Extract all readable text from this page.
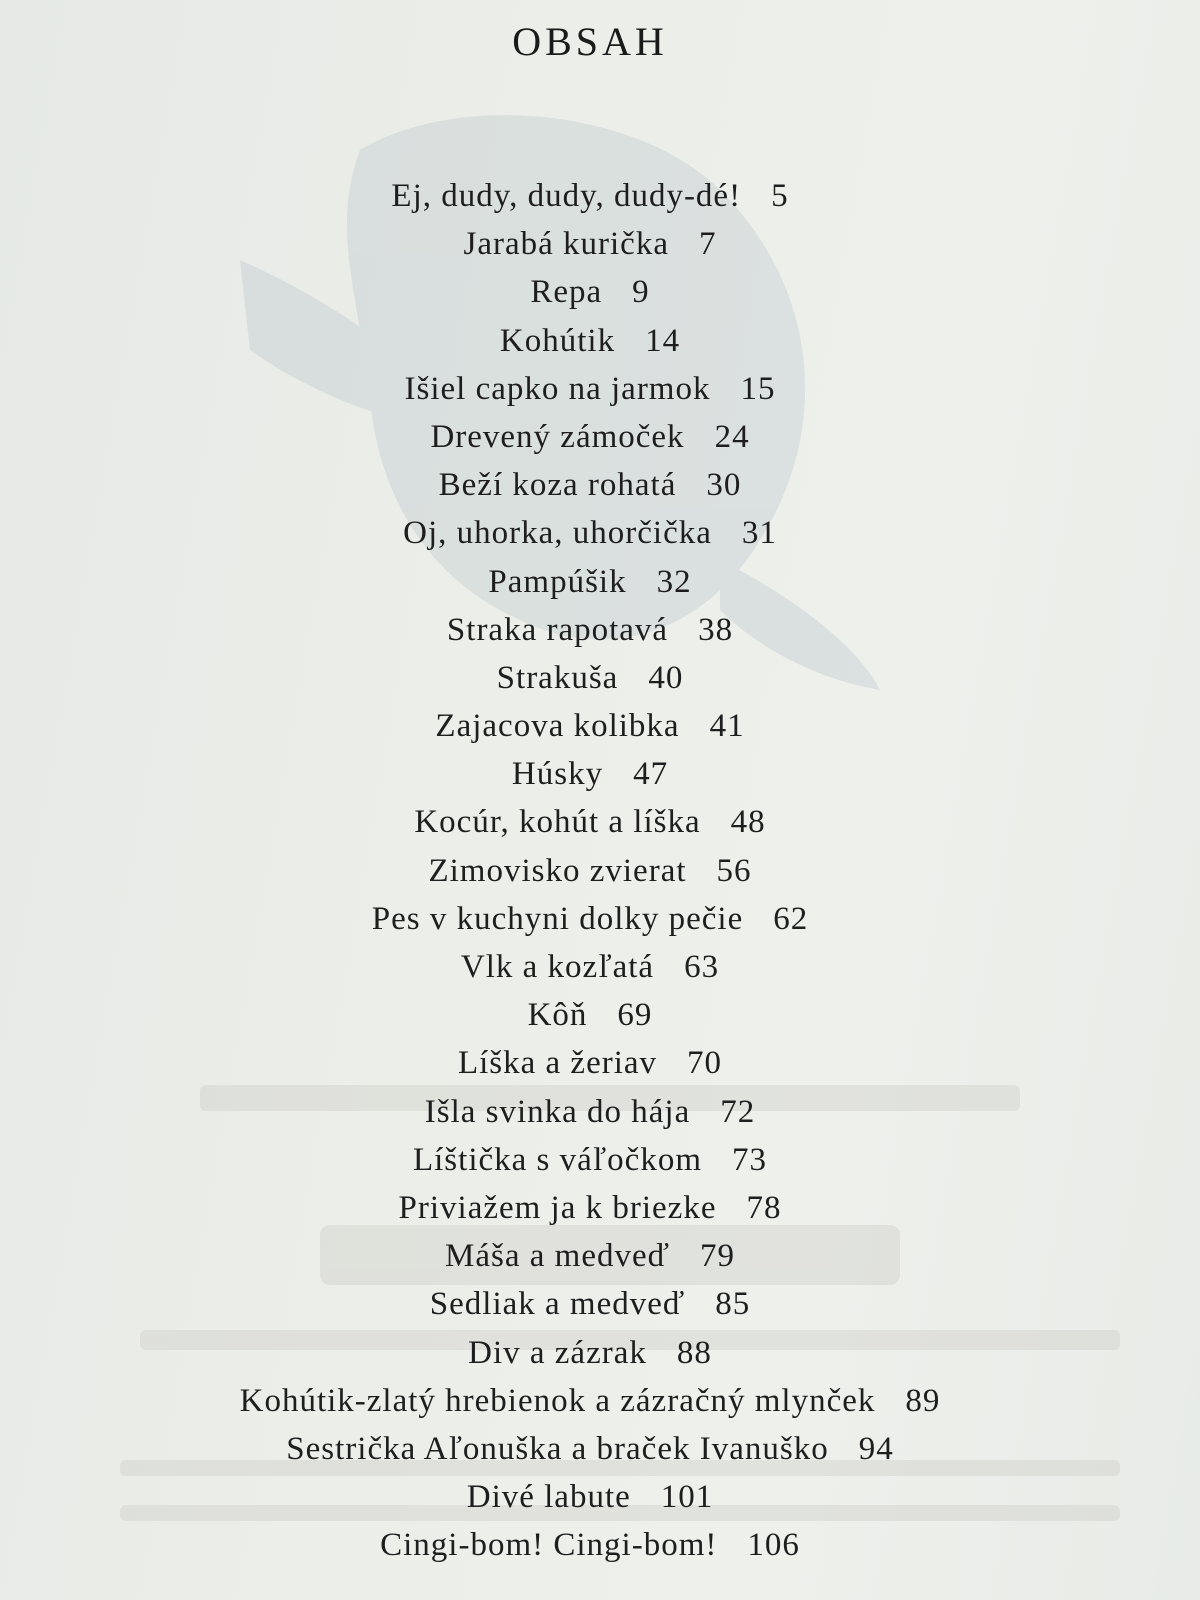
OBSAH
Ej, dudy, dudy, dudy-dé! 5
Jarabá kurička 7
Repa 9
Kohútik 14
Išiel capko na jarmok 15
Drevený zámoček 24
Beží koza rohatá 30
Oj, uhorka, uhorčička 31
Pampúšik 32
Straka rapotavá 38
Strakuša 40
Zajacova kolibka 41
Húsky 47
Kocúr, kohút a líška 48
Zimovisko zvierat 56
Pes v kuchyni dolky pečie 62
Vlk a kozľatá 63
Kôň 69
Líška a žeriav 70
Išla svinka do hája 72
Líštička s váľočkom 73
Priviažem ja k briezke 78
Máša a medveď 79
Sedliak a medveď 85
Div a zázrak 88
Kohútik-zlatý hrebienok a zázračný mlynček 89
Sestrička Aľonuška a braček Ivanuško 94
Divé labute 101
Cingi-bom! Cingi-bom! 106
